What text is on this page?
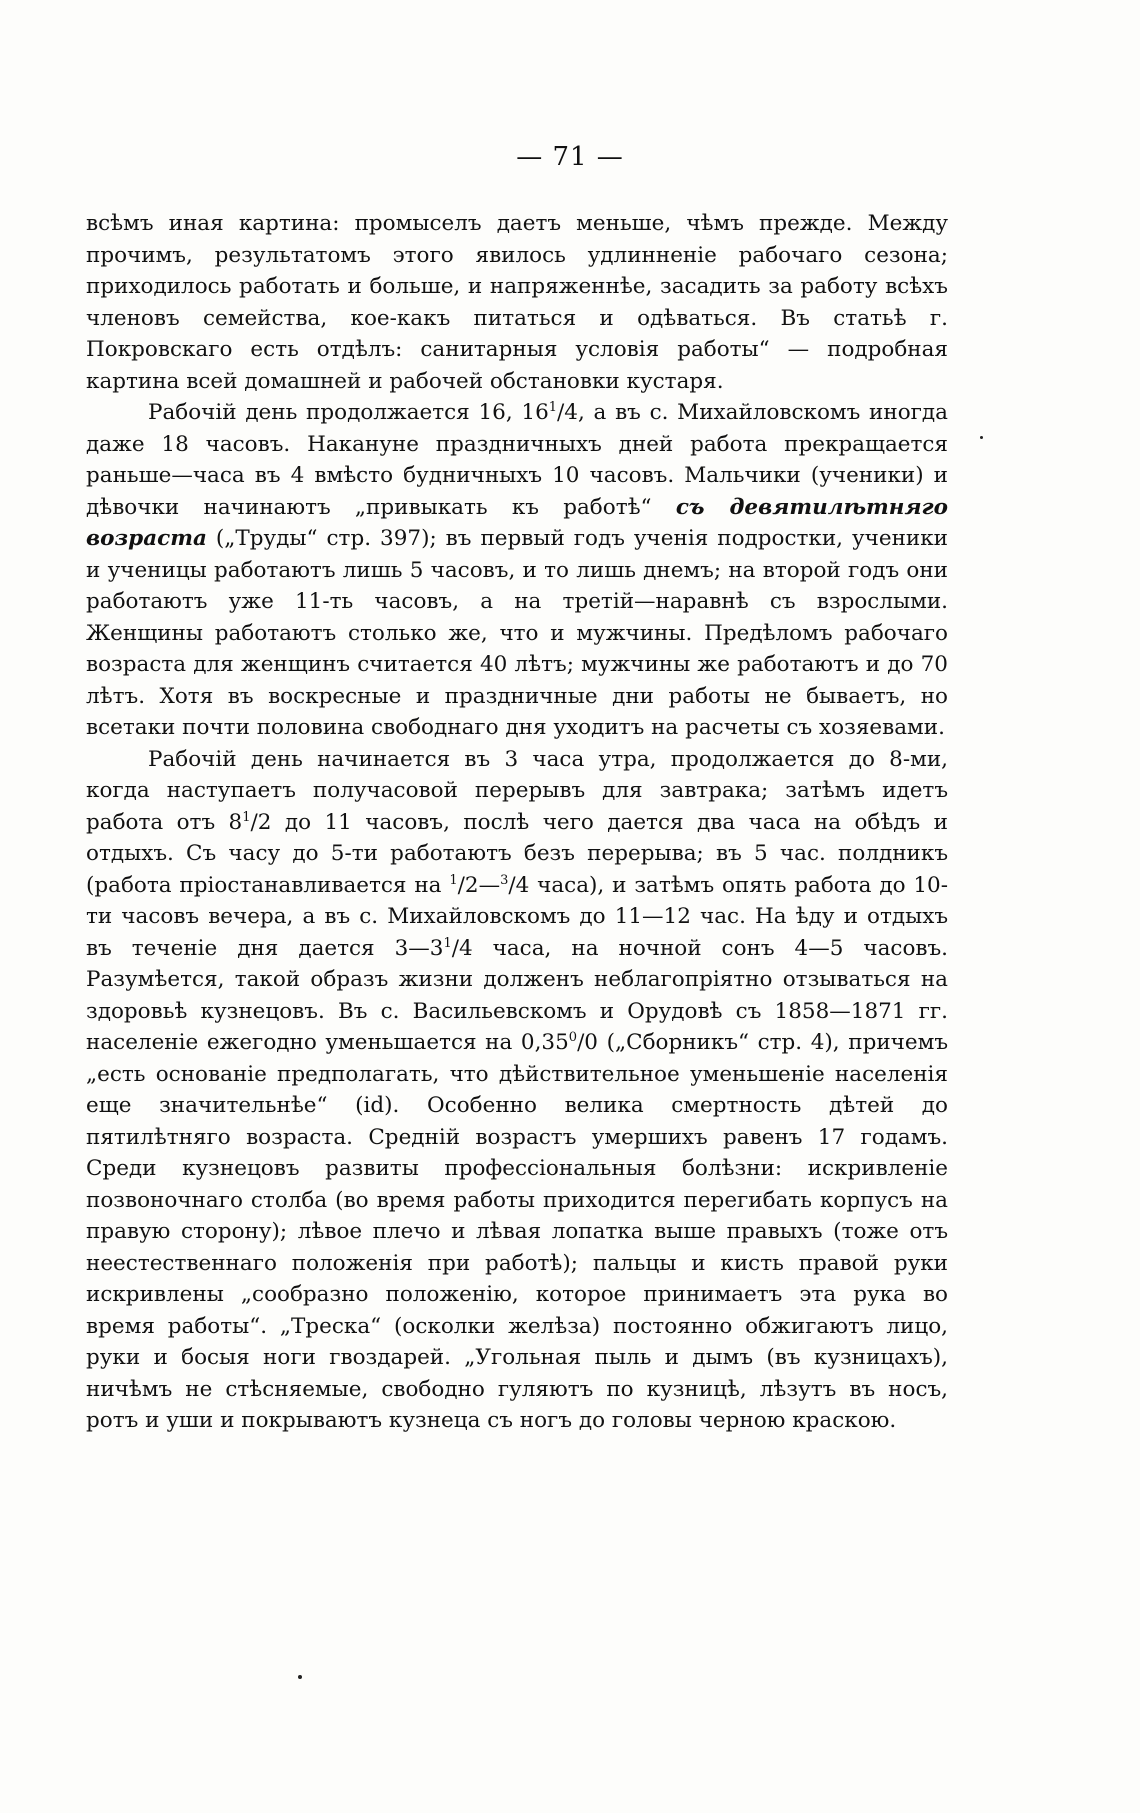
— 71 —

всѣмъ иная картина: промыселъ даетъ меньше, чѣмъ прежде. Между прочимъ, результатомъ этого явилось удлинненіе рабочаго сезона; приходилось работать и больше, и напряженнѣе, засадить за работу всѣхъ членовъ семейства, кое-какъ питаться и одѣваться. Въ статьѣ г. Покровскаго есть отдѣлъ: санитарныя условія работы“ — подробная картина всей домашней и рабочей обстановки кустаря.

Рабочій день продолжается 16, $16^1/4$, а въ с. Михайловскомъ иногда даже 18 часовъ. Накануне праздничныхъ дней работа прекращается раньше—часа въ 4 вмѣсто будничныхъ 10 часовъ. Мальчики (ученики) и дѣвочки начинаютъ „привыкать къ работѣ“ съ девятилѣтняго возраста („Труды“ стр. 397); въ первый годъ ученія подростки, ученики и ученицы работаютъ лишь 5 часовъ, и то лишь днемъ; на второй годъ они работаютъ уже 11-ть часовъ, а на третій—наравнѣ съ взрослыми. Женщины работаютъ столько же, что и мужчины. Предѣломъ рабочаго возраста для женщинъ считается 40 лѣтъ; мужчины же работаютъ и до 70 лѣтъ. Хотя въ воскресные и праздничные дни работы не бываетъ, но всетаки почти половина свободнаго дня уходитъ на расчеты съ хозяевами.

Рабочій день начинается въ 3 часа утра, продолжается до 8-ми, когда наступаетъ получасовой перерывъ для завтрака; затѣмъ идетъ работа отъ $8^1/2$ до 11 часовъ, послѣ чего дается два часа на обѣдъ и отдыхъ. Съ часу до 5-ти работаютъ безъ перерыва; въ 5 час. полдникъ (работа пріостанавливается на $^1$/2—$^3$/4 часа), и затѣмъ опять работа до 10-ти часовъ вечера, а въ с. Михайловскомъ до 11—12 час. На ѣду и отдыхъ въ теченіе дня дается $3—3^1/4$ часа, на ночной сонъ 4—5 часовъ. Разумѣется, такой образъ жизни долженъ неблагопріятно отзываться на здоровьѣ кузнецовъ. Въ с. Васильевскомъ и Орудовѣ съ 1858—1871 гг. населеніе ежегодно уменьшается на 0,35$^0$/0 („Сборникъ“ стр. 4), причемъ „есть основаніе предполагать, что дѣйствительное уменьшеніе населенія еще значительнѣе“ (id). Особенно велика смертность дѣтей до пятилѣтняго возраста. Средній возрастъ умершихъ равенъ 17 годамъ. Среди кузнецовъ развиты профессіональныя болѣзни: искривленіе позвоночнаго столба (во время работы приходится перегибать корпусъ на правую сторону); лѣвое плечо и лѣвая лопатка выше правыхъ (тоже отъ неестественнаго положенія при работѣ); пальцы и кисть правой руки искривлены „сообразно положенію, которое принимаетъ эта рука во время работы“. „Треска“ (осколки желѣза) постоянно обжигаютъ лицо, руки и босыя ноги гвоздарей. „Угольная пыль и дымъ (въ кузницахъ), ничѣмъ не стѣсняемые, свободно гуляютъ по кузницѣ, лѣзутъ въ носъ, ротъ и уши и покрываютъ кузнеца съ ногъ до головы черною краскою.
